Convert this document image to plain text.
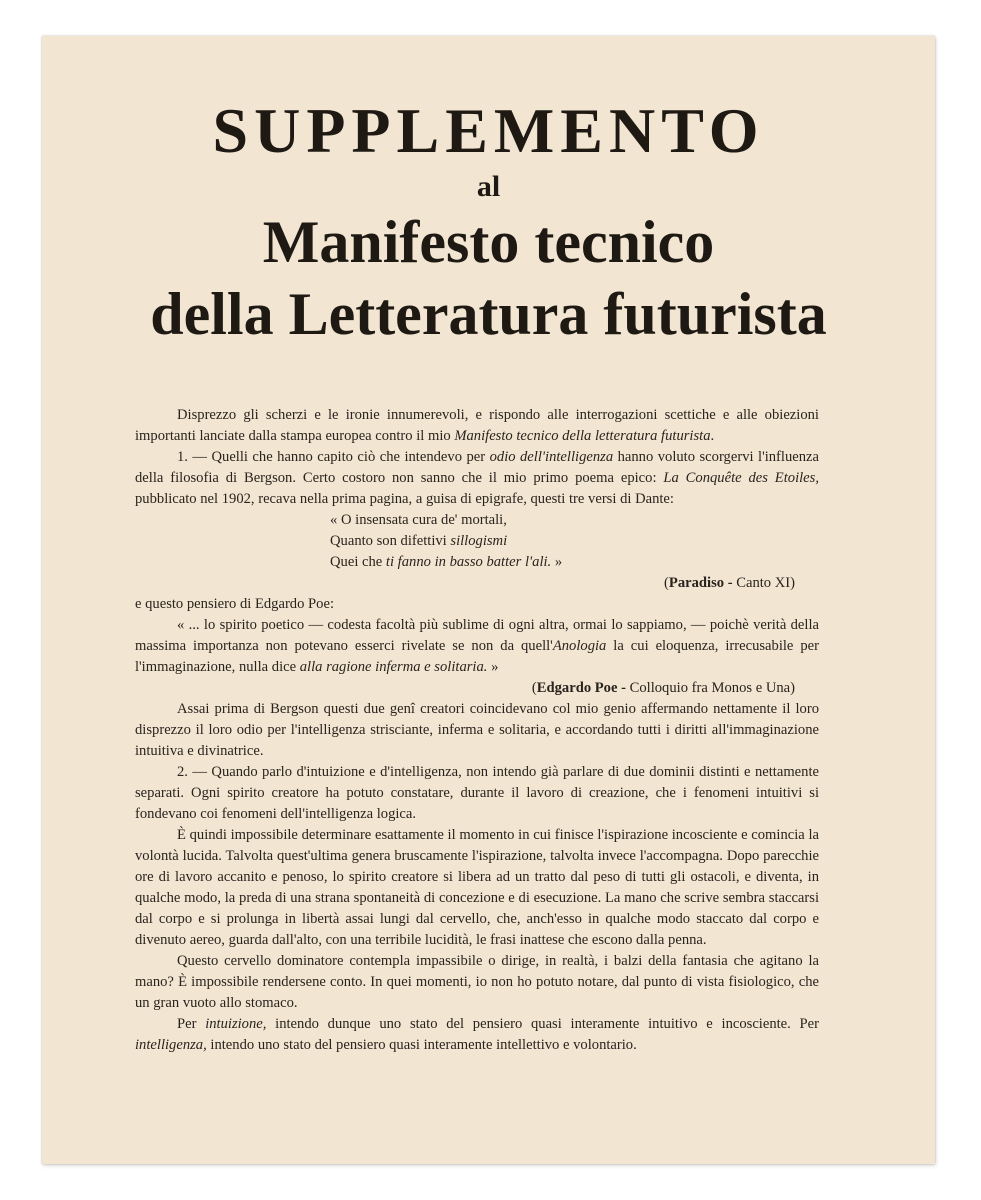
SUPPLEMENTO
al
Manifesto tecnico
della Letteratura futurista

Disprezzo gli scherzi e le ironie innumerevoli, e rispondo alle interrogazioni scettiche e alle obiezioni importanti lanciate dalla stampa europea contro il mio Manifesto tecnico della letteratura futurista.

1. — Quelli che hanno capito ciò che intendevo per odio dell'intelligenza hanno voluto scorgervi l'influenza della filosofia di Bergson. Certo costoro non sanno che il mio primo poema epico: La Conquête des Etoiles, pubblicato nel 1902, recava nella prima pagina, a guisa di epigrafe, questi tre versi di Dante:

« O insensata cura de' mortali,
Quanto son difettivi sillogismi
Quei che ti fanno in basso batter l'ali. »
(Paradiso - Canto XI)

e questo pensiero di Edgardo Poe:

« ... lo spirito poetico — codesta facoltà più sublime di ogni altra, ormai lo sappiamo, — poichè verità della massima importanza non potevano esserci rivelate se non da quell'Anologia la cui eloquenza, irrecusabile per l'immaginazione, nulla dice alla ragione inferma e solitaria. »

(Edgardo Poe - Colloquio fra Monos e Una)

Assai prima di Bergson questi due genî creatori coincidevano col mio genio affermando nettamente il loro disprezzo il loro odio per l'intelligenza strisciante, inferma e solitaria, e accordando tutti i diritti all'immaginazione intuitiva e divinatrice.

2. — Quando parlo d'intuizione e d'intelligenza, non intendo già parlare di due dominii distinti e nettamente separati. Ogni spirito creatore ha potuto constatare, durante il lavoro di creazione, che i fenomeni intuitivi si fondevano coi fenomeni dell'intelligenza logica.

È quindi impossibile determinare esattamente il momento in cui finisce l'ispirazione incosciente e comincia la volontà lucida. Talvolta quest'ultima genera bruscamente l'ispirazione, talvolta invece l'accompagna. Dopo parecchie ore di lavoro accanito e penoso, lo spirito creatore si libera ad un tratto dal peso di tutti gli ostacoli, e diventa, in qualche modo, la preda di una strana spontaneità di concezione e di esecuzione. La mano che scrive sembra staccarsi dal corpo e si prolunga in libertà assai lungi dal cervello, che, anch'esso in qualche modo staccato dal corpo e divenuto aereo, guarda dall'alto, con una terribile lucidità, le frasi inattese che escono dalla penna.

Questo cervello dominatore contempla impassibile o dirige, in realtà, i balzi della fantasia che agitano la mano? È impossibile rendersene conto. In quei momenti, io non ho potuto notare, dal punto di vista fisiologico, che un gran vuoto allo stomaco.

Per intuizione, intendo dunque uno stato del pensiero quasi interamente intuitivo e incosciente. Per intelligenza, intendo uno stato del pensiero quasi interamente intellettivo e volontario.
